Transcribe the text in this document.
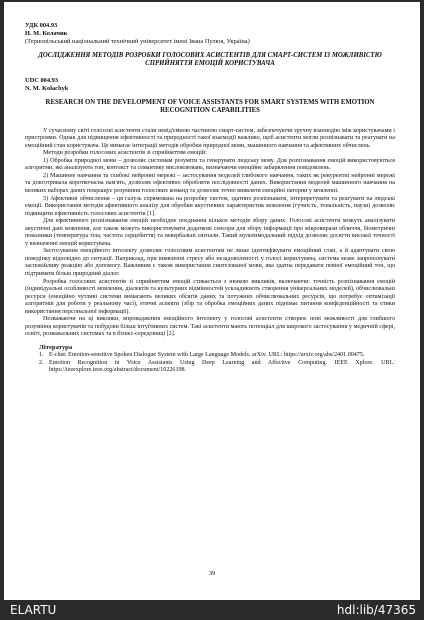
УДК 004.93
Н. М. Колачик
(Тернопільський національний технічний університет імені Івана Пулюя, Україна)
ДОСЛІДЖЕННЯ МЕТОДІВ РОЗРОБКИ ГОЛОСОВИХ АСИСТЕНТІВ ДЛЯ СМАРТ-СИСТЕМ ІЗ МОЖЛИВІСТЮ СПРИЙНЯТТЯ ЕМОЦІЙ КОРИСТУВАЧА
UDC 004.93
N. M. Kolachyk
RESEARCH ON THE DEVELOPMENT OF VOICE ASSISTANTS FOR SMART SYSTEMS WITH EMOTION RECOGNITION CAPABILITIES

У сучасному світі голосові асистенти стали невід'ємною частиною смарт-систем, забезпечуючи зручну взаємодію між користувачами і пристроями. Однак для підвищення ефективності та природності такої взаємодії важливо, щоб асистенти могли розпізнавати та реагувати на емоційний стан користувача. Це вимагає інтеграції методів обробки природної мови, машинного навчання та афективних обчислень.

Методи розробки голосових асистентів зі сприйняттям емоцій:

1) Обробка природної мови – дозволяє системам розуміти та генерувати людську мову. Для розпізнавання емоцій використовуються алгоритми, які аналізують тон, контекст та семантику висловлювань, визначаючи емоційне забарвлення повідомлень.

2) Машинне навчання та глибокі нейронні мережі – застосування моделей глибокого навчання, таких як рекурентні нейронні мережі та довготривала короткочасна пам'ять, дозволяє ефективно обробляти послідовності даних. Використання моделей машинного навчання на великих наборах даних покращує розуміння голосових команд та дозволяє точно виявляти емоційні патерни у мовленні.

3) Афективні обчислення – ця галузь спрямована на розробку систем, здатних розпізнавати, інтерпретувати та реагувати на людські емоції. Використання методів афективного аналізу для обробки акустичних характеристик мовлення (гучність, тональність, паузи) дозволяє підвищити ефективність голосових асистентів [1].

Для ефективного розпізнавання емоцій необхідне поєднання кількох методів збору даних. Голосові асистенти можуть аналізувати акустичні дані мовлення, але також можуть використовувати додаткові сенсори для збору інформації про мікровирази обличчя, біометричні показники (температура тіла, частота серцебиття) та невербальні сигнали. Такий мультимодальний підхід дозволяє досягти високої точності у визначенні емоцій користувача.

Застосування емоційного інтелекту дозволяє голосовим асистентам не лише ідентифікувати емоційний стан, а й адаптувати свою поведінку відповідно до ситуації. Наприклад, при виявленні стресу або незадоволеності у голосі користувача, система може запропонувати заспокійливу реакцію або допомогу. Важливим є також використання синтезованої мови, яка здатна передавати певної емоційний тон, що підтримати більш природний діалог.

Розробка голосових асистентів зі сприйняттям емоцій стикається з низкою викликів, включаючи: точність розпізнавання емоцій (індивідуальні особливості мовлення, діалектів та культурних відмінностей ускладнюють створення універсальних моделей), обчислювальні ресурси (емоційно чутливі системи вимагають великих обсягів даних та потужних обчислювальних ресурсів, що потребує оптимізації алгоритмів для роботи у реальному часі), етичні аспекти (збір та обробка емоційних даних піднімає питання конфіденційності та етики використання персональної інформації).

Незважаючи на ці виклики, впровадження емоційного інтелекту у голосові асистенти створює нові можливості для глибшого розуміння користувачів та побудови більш інтуїтивних систем. Такі асистенти мають потенціал для широкого застосування у медичній сфері, освіті, розважальних системах та в бізнес-середовищі [2].

Література
1. E-chat: Emotion-sensitive Spoken Dialogue System with Large Language Models. arXiv. URL: https://arxiv.org/abs/2401.00475.
2. Emotion Recognition in Voice Assistants Using Deep Learning and Affective Computing. IEEE Xplore. URL: https://ieeexplore.ieee.org/abstract/document/10226198.
39
ELARTU	hdl:lib/47365
